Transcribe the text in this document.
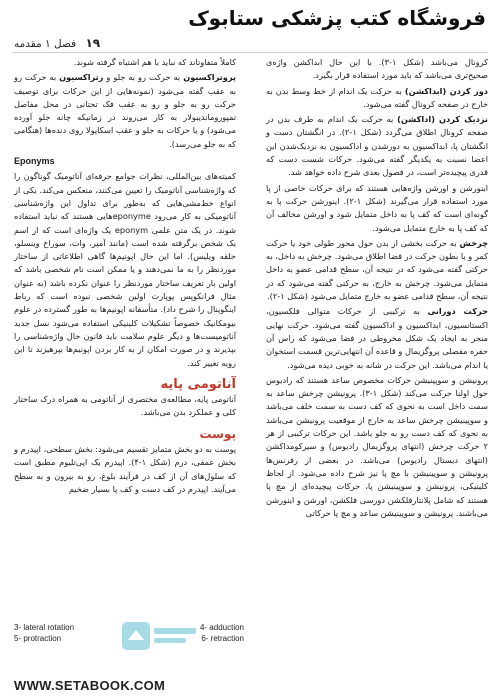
فروشگاه کتب پزشکی ستابوک
۱۹ فصل ۱ مقدمه

کرونال می‌باشد (شکل ۱-۳). با این حال ابداکشن واژه‌ی صحیح‌تری می‌باشد که باید مورد استفاده قرار بگیرد.

دور کردن (ابداکشن) به حرکت یک اندام از خط وسط بدن به خارج در صفحه کرونال گفته می‌شود.

نزدیک کردن (اداکشن) به حرکت یک اندام به طرف بدن در صفحه کرونال اطلاق می‌گردد (شکل ۱-۲). در انگشتان دست و انگشتان پا، ابداکسیون به دورشدن و اداکسیون به نزدیک‌شدن این اعضا نسبت به یکدیگر گفته می‌شود. حرکات شست دست که قدری پیچیده‌تر است، در فصول بعدی شرح داده خواهد شد.

اینورشن و اورشن واژه‌هایی هستند که برای حرکات خاصی از پا مورد استفاده قرار می‌گیرند (شکل ۱-۲). اینورشن حرکت پا به گونه‌ای است که کف پا به داخل متمایل شود و اورشن مخالف آن که کف پا به خارج متمایل می‌شود.

چرخش به حرکت بخشی از بدن حول محور طولی خود یا حرکت کمر و یا بطون حرکت در فضا اطلاق می‌شود. چرخش به داخل، به حرکتی گفته می‌شود که در نتیجه آن، سطح قدامی عضو به داخل متمایل می‌شود. چرخش به خارج، به حرکتی گفته می‌شود که در نتیجه آن، سطح قدامی عضو به خارج متمایل می‌شود (شکل ۱-۲).

حرکت دورانی به ترکیبی از حرکات متوالی فلکسیون، اکستانسیون، ابداکسیون و اداکسیون گفته می‌شود. حرکت نهایی منجر به ایجاد یک شکل مخروطی در فضا می‌شود که راس آن حفره مفصلی پروگزیمال و قاعده آن انتهایی‌ترین قسمت استخوان یا اندام می‌باشد. این حرکت در شانه به خوبی دیده می‌شود.

پرونیشن و سوپینیشن حرکات مخصوص ساعد هستند که رادیوس حول اولنا حرکت می‌کند (شکل ۱-۳). پرونیشن چرخش ساعد به سمت داخل است به نحوی که کف دست به سمت خلف می‌باشد و سوپینیشن چرخش ساعد به خارج از موقعیت پرونیشن می‌باشد به نحوی که کف دست رو به جلو باشد. این حرکات ترکیبی از هر ۲ حرکت چرخش (انتهای پروگزیمال رادیوس) و سیرکومداکشن (انتهای دیستال رادیوس) می‌باشد. در بعضی از رفرنس‌ها پرونیشن و سوپینیشن با مچ پا نیز شرح داده می‌شود. از لحاظ کلینیکی، پرونیشن و سوپینیشن پا، حرکات پیچیده‌ای از مچ پا هستند که شامل پلانتارفلکشن دورسی فلکشن، اورشن و اینورشن می‌باشند. پرونیشن و سوپینیشن ساعد و مچ پا حرکاتی

کاملاً متفاوتاند که نباید با هم اشتباه گرفته شوند.

پروتراکسیون به حرکت رو به جلو و رتراکسیون به حرکت رو به عقب گفته می‌شود (نمونه‌هایی از این حرکات برای توصیف حرکت رو به جلو و رو به عقب فک تحتانی در محل مفاصل تمپوروماندیبولار به کار می‌روند در زمانیکه چانه جلو آورده می‌شود) و یا حرکات به جلو و عقب اسکاپولا روی دنده‌ها (هنگامی که به جلو می‌رسد).

Eponyms

کمیته‌های بین‌المللی، نظرات جوامع حرفه‌ای آناتومیک گوناگون را که واژه‌شناسی آناتومیک را تعیین می‌کنند، منعکس می‌کند. یکی از انواع خط‌مشی‌هایی که به‌طور برای تداول این واژه‌شناسی آناتومیکی به کار می‌رود eponyme‌هایی هستند که نباید استفاده شوند. در یک متن علمی eponym یک واژه‌ای است که از اسم یک شخص برگرفته شده است (مانند آمپر، وات، سوراخ وینسلو، حلقه ویلیس). اما این حال اپونیم‌ها گاهی اطلاعاتی از ساختار موردنظر را به ما نمی‌دهند و یا ممکن است نام شخصی باشد که اولین بار تعریف ساختار موردنظر را عنوان نکرده باشد (به عنوان مثال فرانکوپس پوپارت اولین شخصی نبوده است که رباط اینگوینال را شرح داد). متأسفانه اپونیم‌ها به طور گسترده در علوم بیومکانیک خصوصاً تشکیلات کلینیکی استفاده می‌شود نسل جدید آناتومیست‌ها و دیگر علوم سلامت باید قانون حال واژه‌شناسی را بپذیرند و در صورت امکان از به کار بردن اپونیم‌ها بپرهیزند تا این رویه تغییر کند.

آناتومی پایه

آناتومی پایه، مطالعه‌ی مختصری از آناتومی به همراه درک ساختار کلی و عملکرد بدن می‌باشد.

پوست

پوست به دو بخش متمایز تقسیم می‌شود: بخش سطحی، اپیدرم و بخش عمقی، درم (شکل ۱-۴). اپیدرم یک اپی‌تلیوم مطبق است که سلول‌های آن از کف در فرآیند بلوغ، رو به بیرون و به سطح می‌آیند. اپیدرم در کف دست و کف پا بسیار ضخیم

3- lateral rotation	4- adduction
5- protraction	6- retraction
WWW.SETABOOK.COM
